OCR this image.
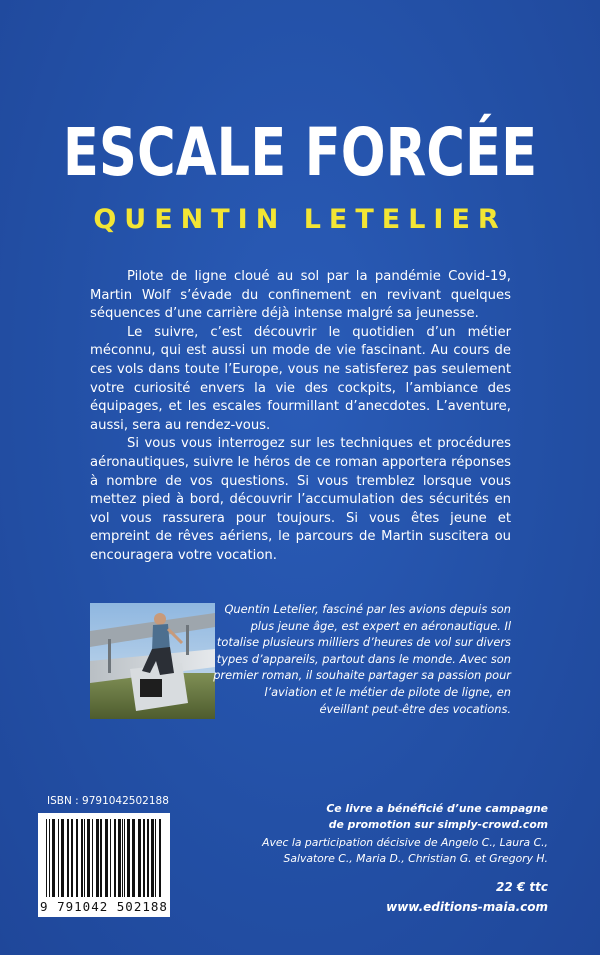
ESCALE FORCÉE
QUENTIN LETELIER

Pilote de ligne cloué au sol par la pandémie Covid-19, Martin Wolf s’évade du confinement en revivant quelques séquences d’une carrière déjà intense malgré sa jeunesse.

Le suivre, c’est découvrir le quotidien d’un métier méconnu, qui est aussi un mode de vie fascinant. Au cours de ces vols dans toute l’Europe, vous ne satisferez pas seulement votre curiosité envers la vie des cockpits, l’ambiance des équipages, et les escales fourmillant d’anecdotes. L’aventure, aussi, sera au rendez-vous.

Si vous vous interrogez sur les techniques et procédures aéronautiques, suivre le héros de ce roman apportera réponses à nombre de vos questions. Si vous tremblez lorsque vous mettez pied à bord, découvrir l’accumulation des sécurités en vol vous rassurera pour toujours. Si vous êtes jeune et empreint de rêves aériens, le parcours de Martin suscitera ou encouragera votre vocation.

Quentin Letelier, fasciné par les avions depuis son plus jeune âge, est expert en aéronautique. Il totalise plusieurs milliers d’heures de vol sur divers types d’appareils, partout dans le monde. Avec son premier roman, il souhaite partager sa passion pour l’aviation et le métier de pilote de ligne, en éveillant peut-être des vocations.

ISBN : 9791042502188

9 791042 502188

Ce livre a bénéficié d’une campagne
de promotion sur simply-crowd.com

Avec la participation décisive de Angelo C., Laura C.,
Salvatore C., Maria D., Christian G. et Gregory H.

22 € ttc

www.editions-maia.com
